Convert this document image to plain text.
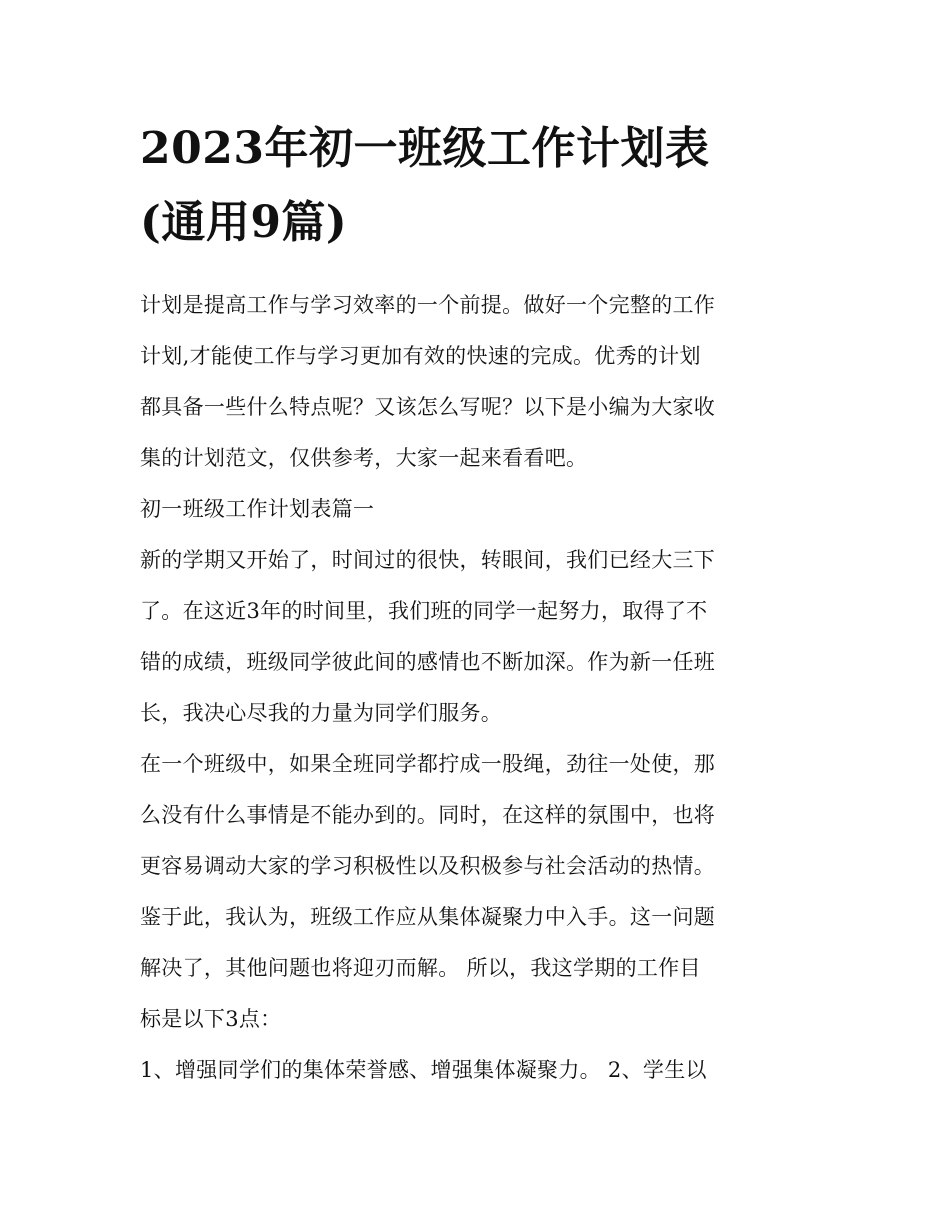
2023年初一班级工作计划表
(通用9篇)

计划是提高工作与学习效率的一个前提。做好一个完整的工作
计划,才能使工作与学习更加有效的快速的完成。优秀的计划
都具备一些什么特点呢？又该怎么写呢？以下是小编为大家收
集的计划范文，仅供参考，大家一起来看看吧。

初一班级工作计划表篇一

新的学期又开始了，时间过的很快，转眼间，我们已经大三下
了。在这近3年的时间里，我们班的同学一起努力，取得了不
错的成绩，班级同学彼此间的感情也不断加深。作为新一任班
长，我决心尽我的力量为同学们服务。

在一个班级中，如果全班同学都拧成一股绳，劲往一处使，那
么没有什么事情是不能办到的。同时，在这样的氛围中，也将
更容易调动大家的学习积极性以及积极参与社会活动的热情。
鉴于此，我认为，班级工作应从集体凝聚力中入手。这一问题
解决了，其他问题也将迎刃而解。 所以，我这学期的工作目
标是以下3点：

1、增强同学们的集体荣誉感、增强集体凝聚力。 2、学生以
